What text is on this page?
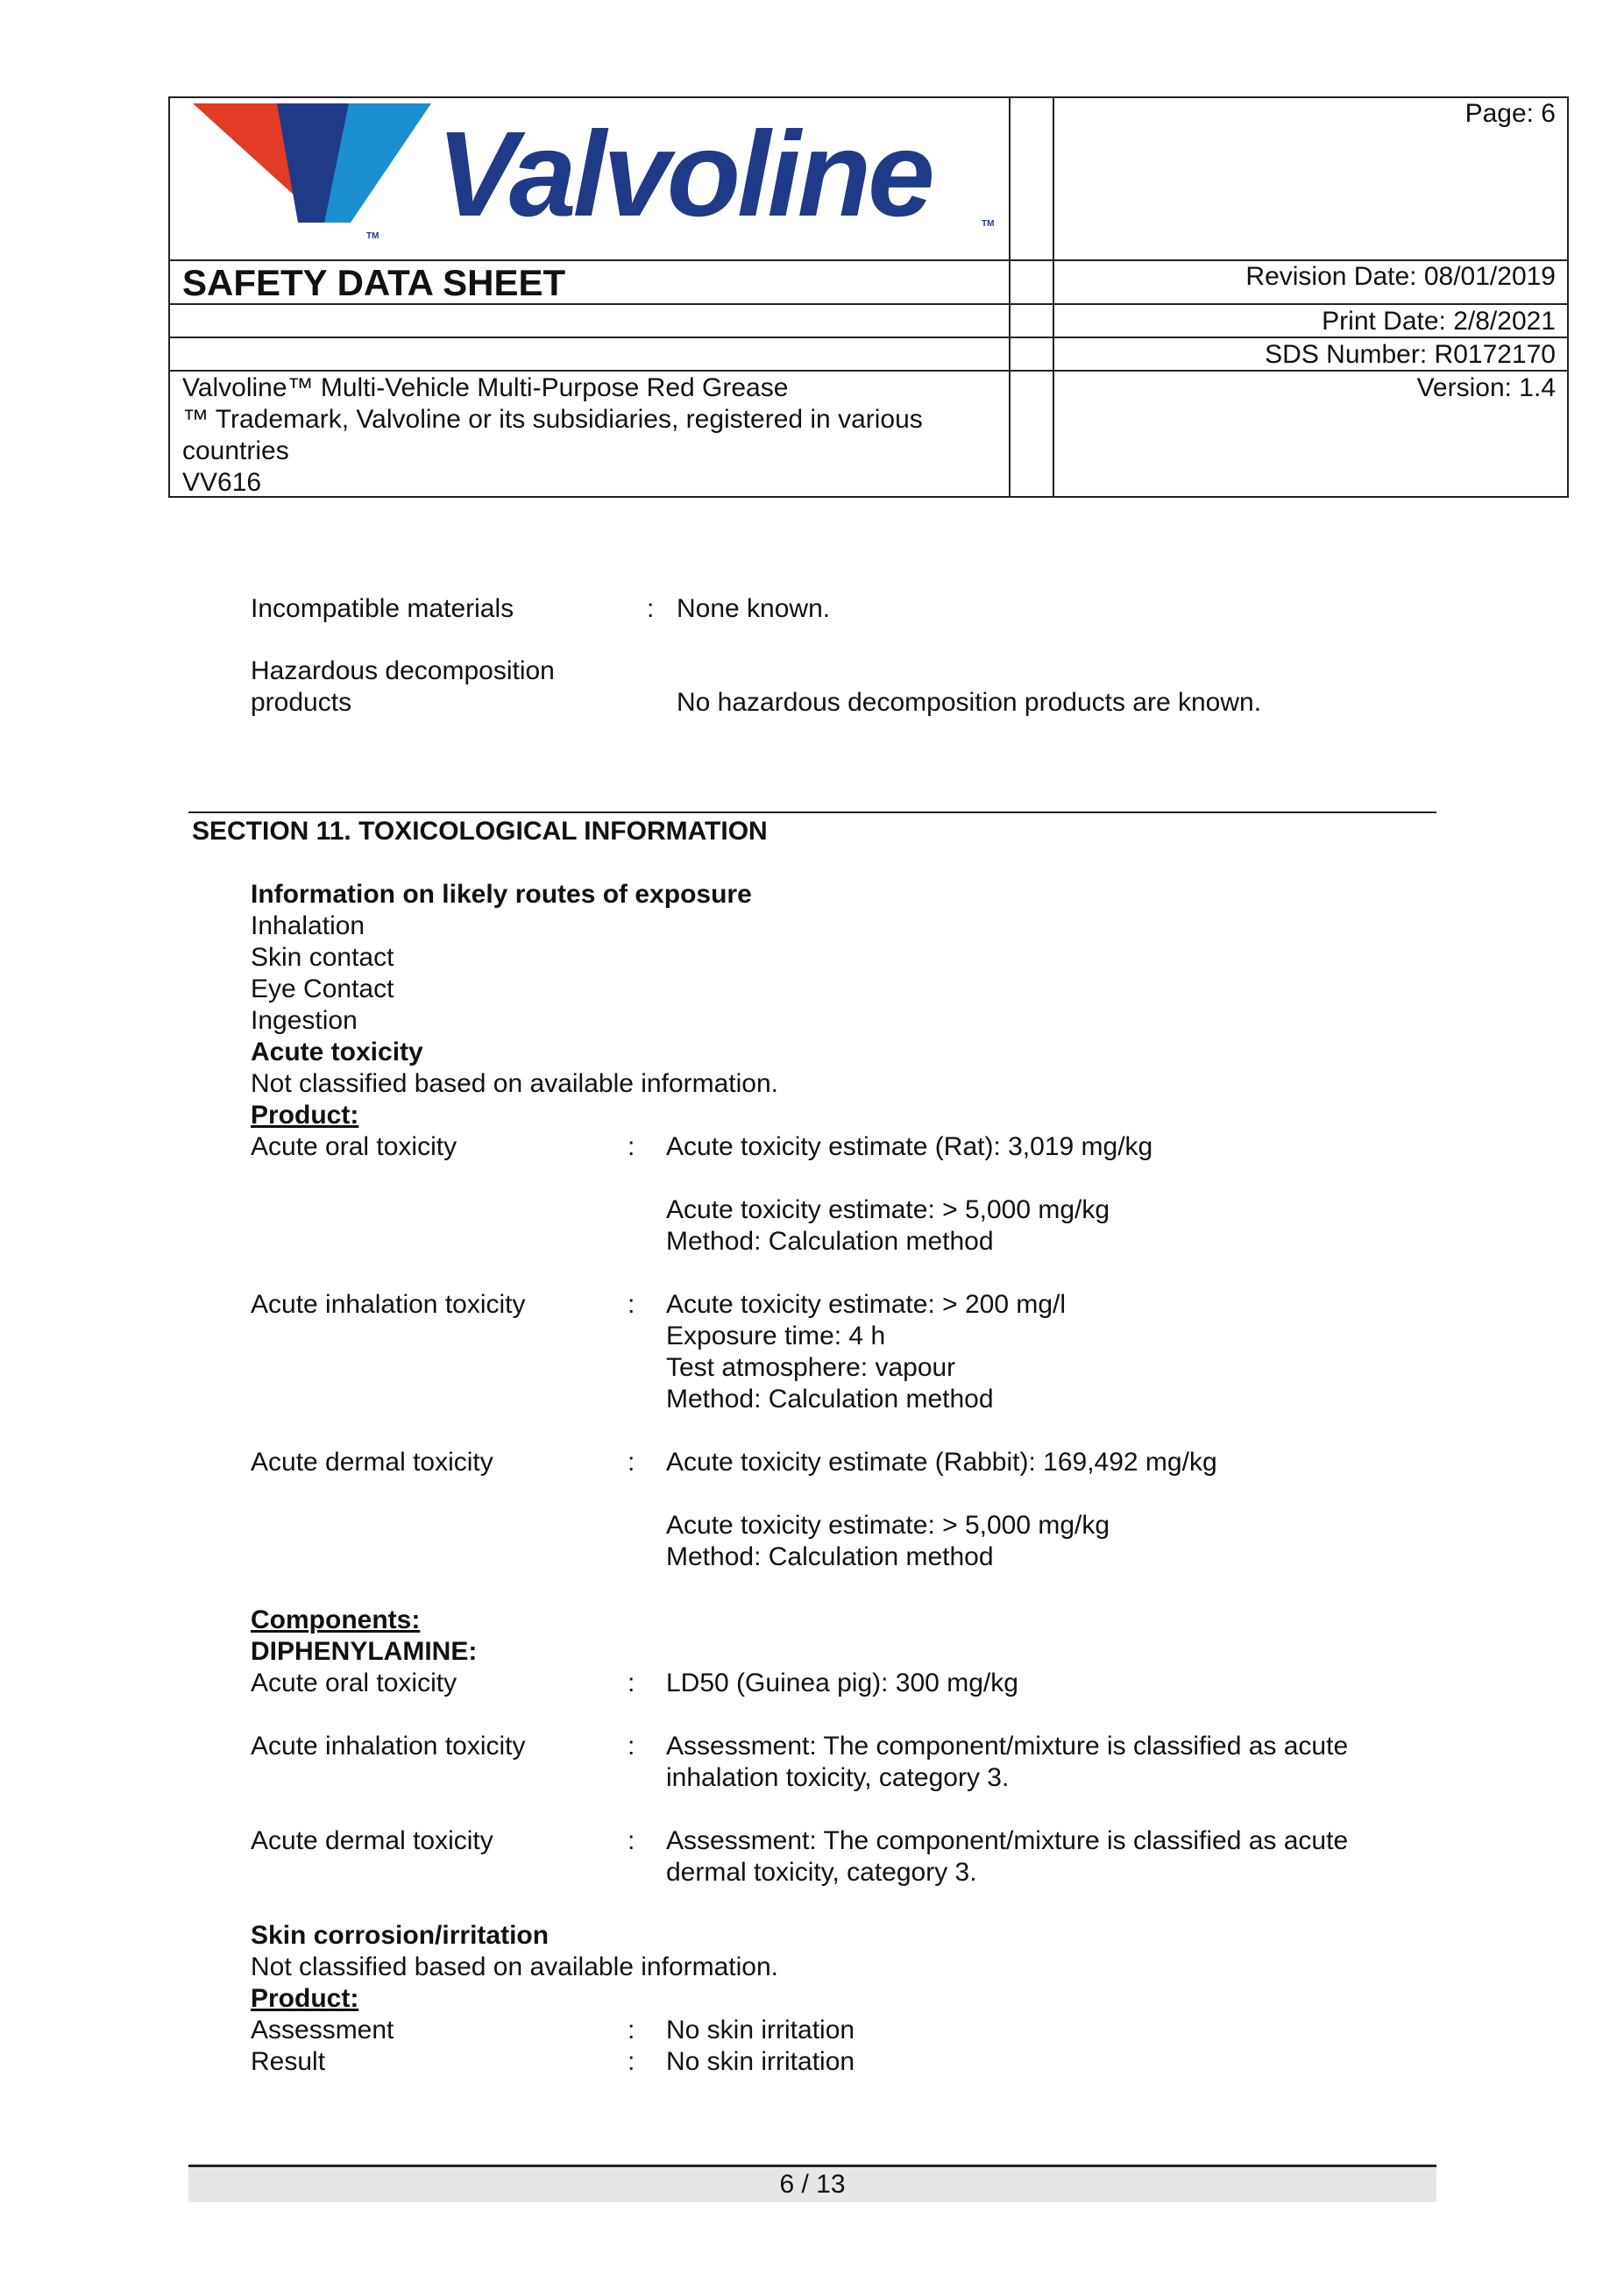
TM Valvoline	TM
Page: 6
SAFETY DATA SHEET	Revision Date: 08/01/2019
Print Date: 2/8/2021
SDS Number: R0172170
Version: 1.4
Valvoline™ Multi-Vehicle Multi-Purpose Red Grease
™ Trademark, Valvoline or its subsidiaries, registered in various
countries
VV616
Incompatible materials	: None known.
Hazardous decomposition
products	No hazardous decomposition products are known.
SECTION 11. TOXICOLOGICAL INFORMATION
Information on likely routes of exposure
Inhalation
Skin contact
Eye Contact
Ingestion
Acute toxicity
Not classified based on available information.
Product:
Acute oral toxicity	: Acute toxicity estimate (Rat): 3,019 mg/kg
Acute toxicity estimate: > 5,000 mg/kg
Method: Calculation method
Acute inhalation toxicity	: Acute toxicity estimate: > 200 mg/l
Exposure time: 4 h
Test atmosphere: vapour
Method: Calculation method
Acute dermal toxicity	: Acute toxicity estimate (Rabbit): 169,492 mg/kg
Acute toxicity estimate: > 5,000 mg/kg
Method: Calculation method
Components:
DIPHENYLAMINE:
Acute oral toxicity	: LD50 (Guinea pig): 300 mg/kg
Acute inhalation toxicity	: Assessment: The component/mixture is classified as acute
inhalation toxicity, category 3.
Acute dermal toxicity	: Assessment: The component/mixture is classified as acute
dermal toxicity, category 3.
Skin corrosion/irritation
Not classified based on available information.
Product:
Assessment	: No skin irritation
Result	: No skin irritation
6 / 13
